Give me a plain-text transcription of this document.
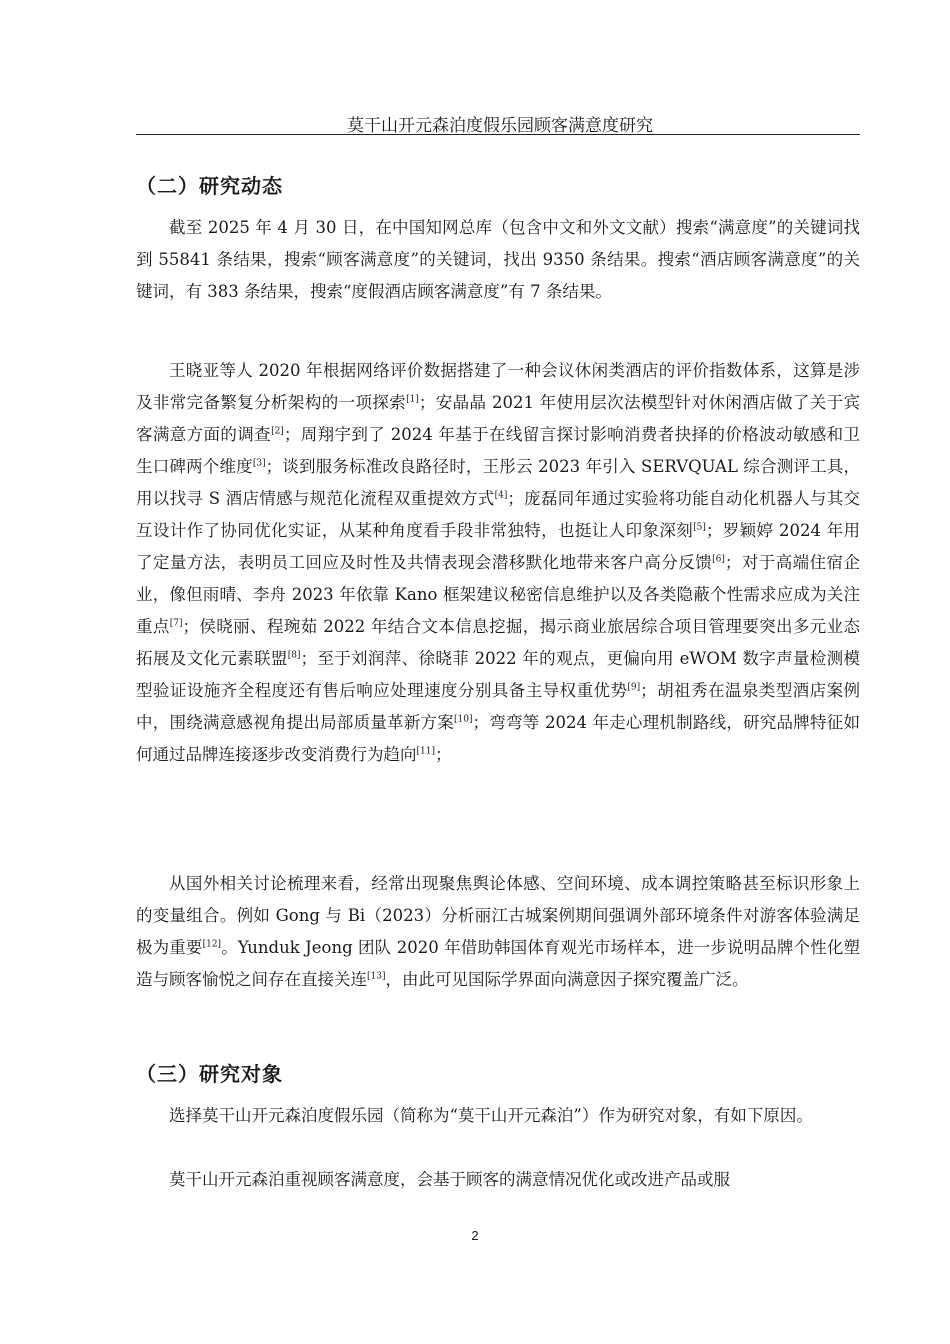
莫干山开元森泊度假乐园顾客满意度研究
（二）研究动态

截至 2025 年 4 月 30 日，在中国知网总库（包含中文和外文文献）搜索“满意度”的关键词找到 55841 条结果，搜索“顾客满意度”的关键词，找出 9350 条结果。搜索“酒店顾客满意度”的关键词，有 383 条结果，搜索“度假酒店顾客满意度”有 7 条结果。

王晓亚等人 2020 年根据网络评价数据搭建了一种会议休闲类酒店的评价指数体系，这算是涉及非常完备繁复分析架构的一项探索[1]；安晶晶 2021 年使用层次法模型针对休闲酒店做了关于宾客满意方面的调查[2]；周翔宇到了 2024 年基于在线留言探讨影响消费者抉择的价格波动敏感和卫生口碑两个维度[3]；谈到服务标准改良路径时，王彤云 2023 年引入 SERVQUAL 综合测评工具，用以找寻 S 酒店情感与规范化流程双重提效方式[4]；庞磊同年通过实验将功能自动化机器人与其交互设计作了协同优化实证，从某种角度看手段非常独特，也挺让人印象深刻[5]；罗颖婷 2024 年用了定量方法，表明员工回应及时性及共情表现会潜移默化地带来客户高分反馈[6]；对于高端住宿企业，像但雨晴、李舟 2023 年依靠 Kano 框架建议秘密信息维护以及各类隐蔽个性需求应成为关注重点[7]；侯晓丽、程琬茹 2022 年结合文本信息挖掘，揭示商业旅居综合项目管理要突出多元业态拓展及文化元素联盟[8]；至于刘润萍、徐晓菲 2022 年的观点，更偏向用 eWOM 数字声量检测模型验证设施齐全程度还有售后响应处理速度分别具备主导权重优势[9]；胡祖秀在温泉类型酒店案例中，围绕满意感视角提出局部质量革新方案[10]；弯弯等 2024 年走心理机制路线，研究品牌特征如何通过品牌连接逐步改变消费行为趋向[11]；

从国外相关讨论梳理来看，经常出现聚焦舆论体感、空间环境、成本调控策略甚至标识形象上的变量组合。例如 Gong 与 Bi（2023）分析丽江古城案例期间强调外部环境条件对游客体验满足极为重要[12]。Yunduk Jeong 团队 2020 年借助韩国体育观光市场样本，进一步说明品牌个性化塑造与顾客愉悦之间存在直接关连[13]，由此可见国际学界面向满意因子探究覆盖广泛。

（三）研究对象

选择莫干山开元森泊度假乐园（简称为“莫干山开元森泊”）作为研究对象，有如下原因。

莫干山开元森泊重视顾客满意度，会基于顾客的满意情况优化或改进产品或服

2
